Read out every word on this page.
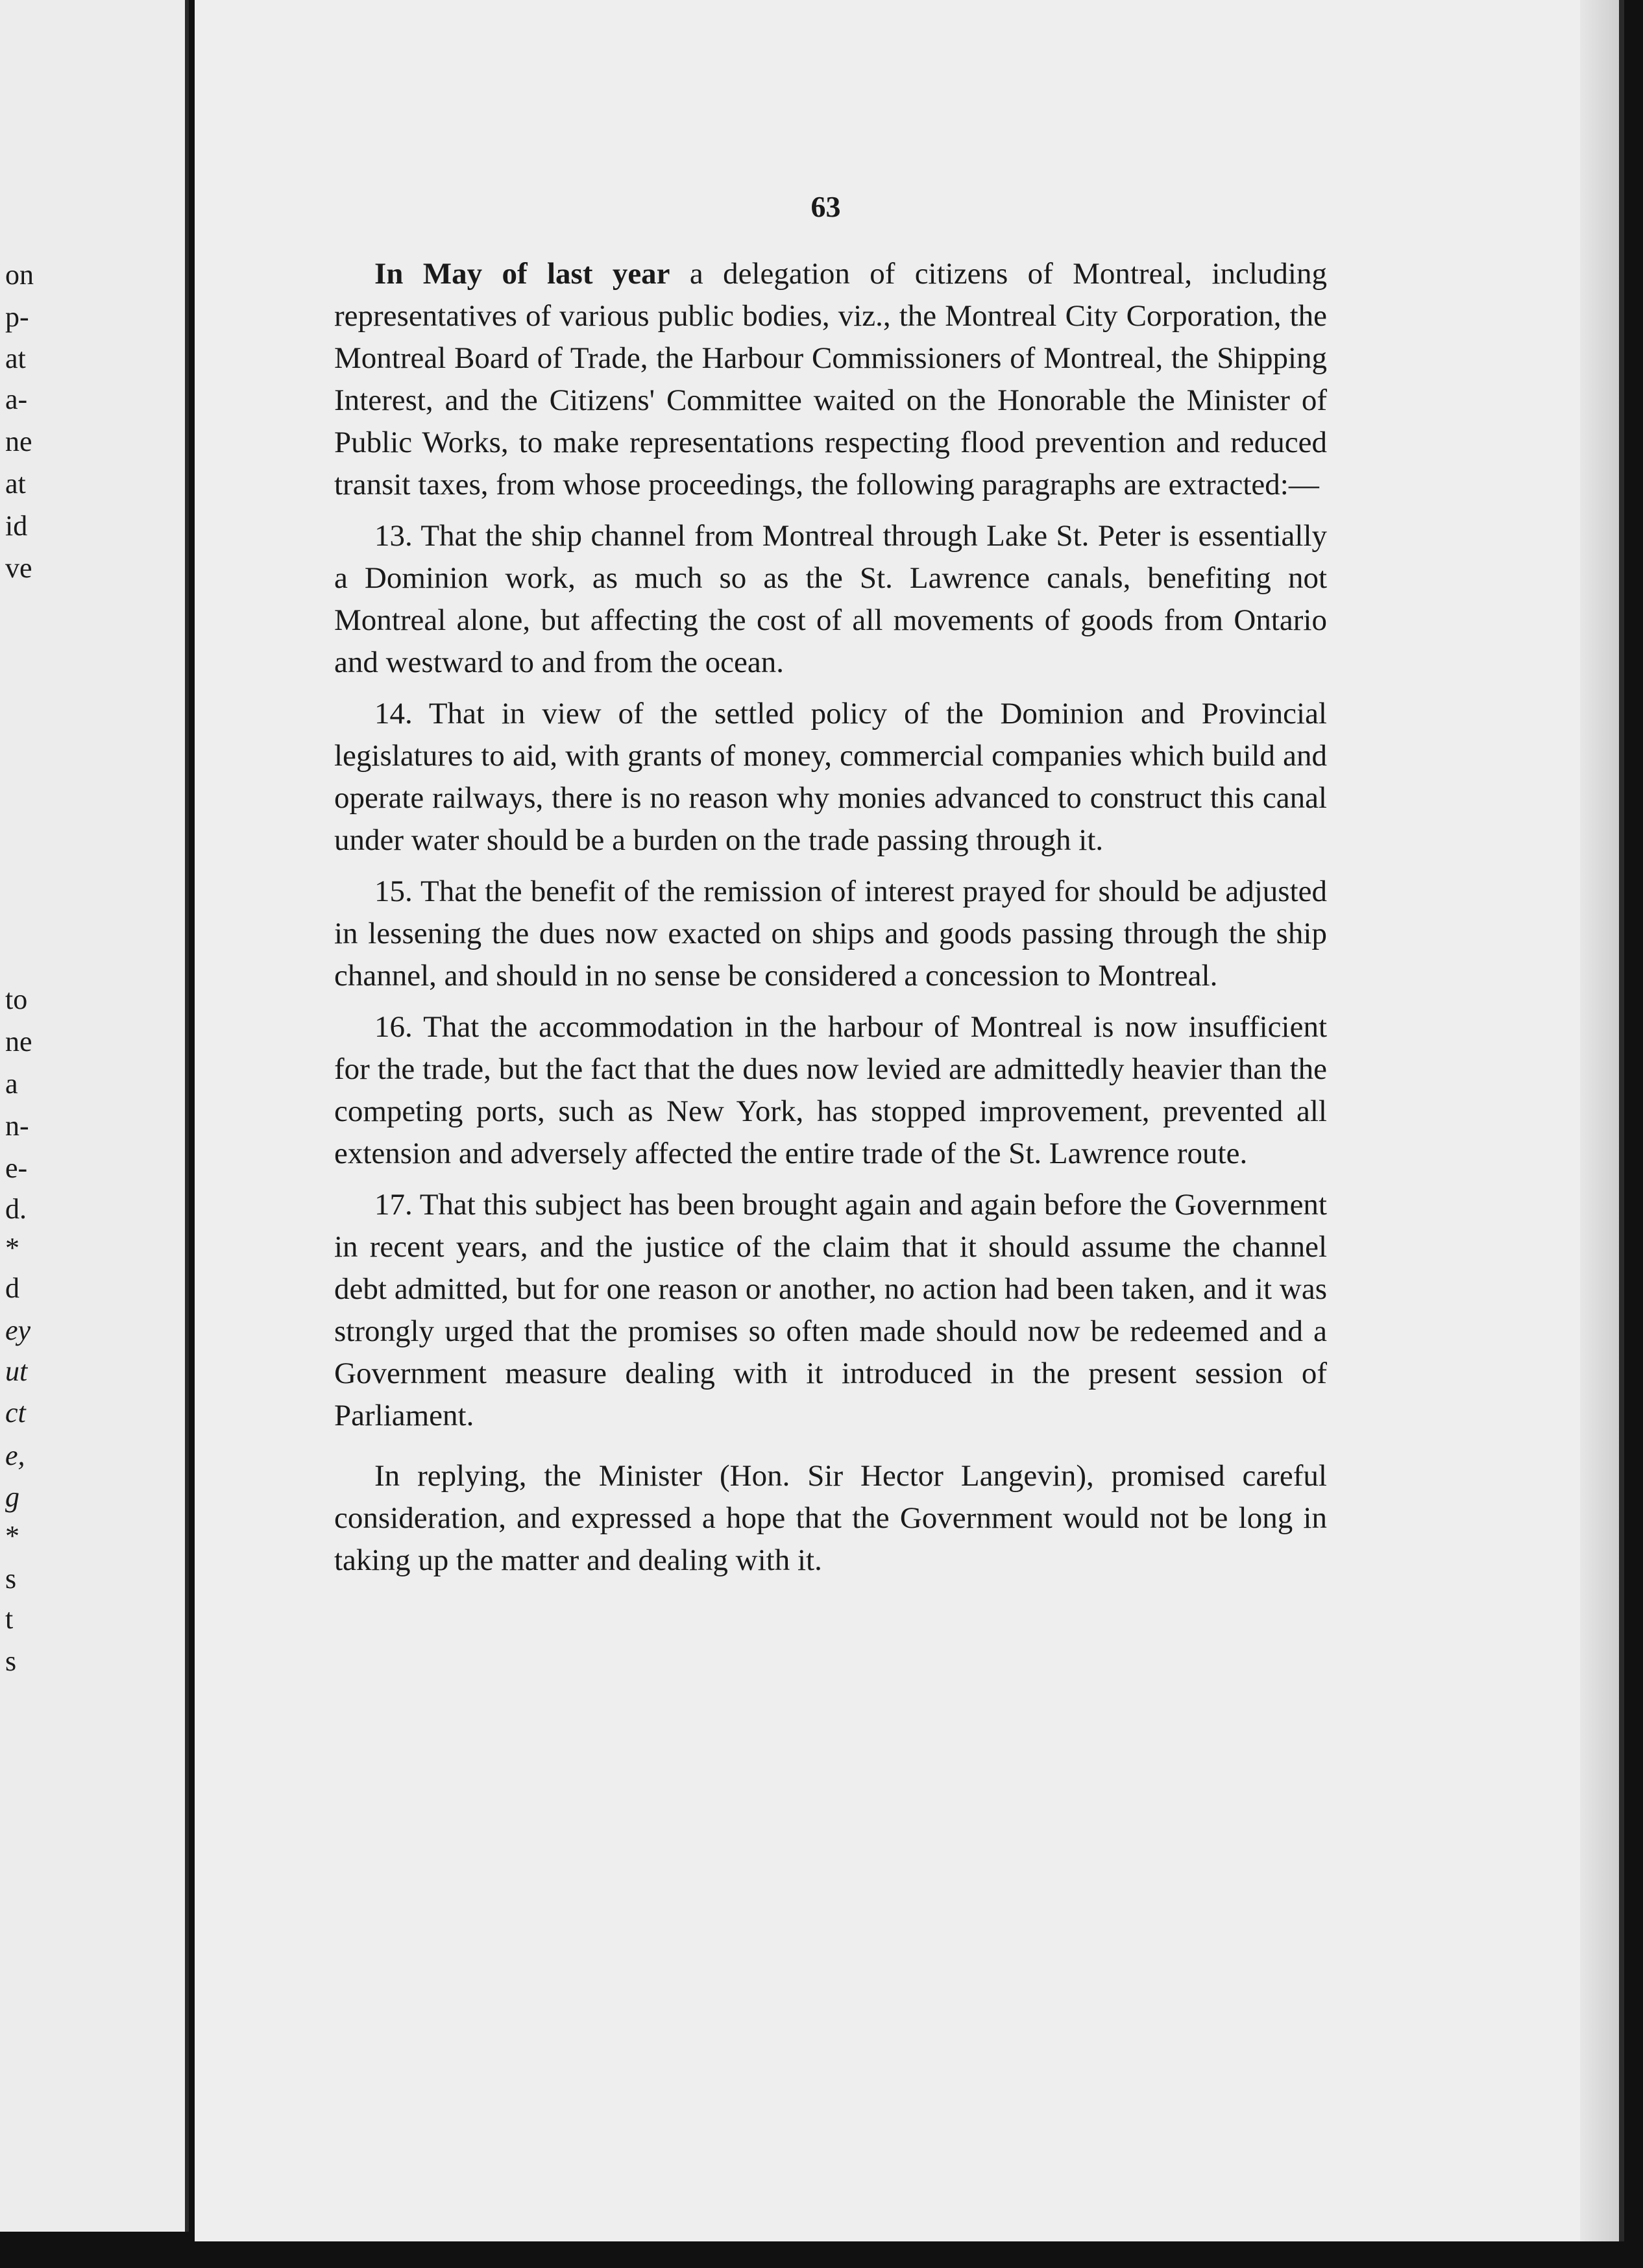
on
p-
at
a-
ne
at
id
ve
to
ne
a
n-
e-
d.
*
d
ey
ut
ct
e,
g
*
s
t
s
63

In May of last year a delegation of citizens of Montreal, including representatives of various public bodies, viz., the Montreal City Corporation, the Montreal Board of Trade, the Harbour Commissioners of Montreal, the Shipping Interest, and the Citizens' Committee waited on the Honorable the Minister of Public Works, to make representations respecting flood prevention and reduced transit taxes, from whose proceedings, the following paragraphs are extracted:—

13. That the ship channel from Montreal through Lake St. Peter is essentially a Dominion work, as much so as the St. Lawrence canals, benefiting not Montreal alone, but affecting the cost of all movements of goods from Ontario and westward to and from the ocean.

14. That in view of the settled policy of the Dominion and Provincial legislatures to aid, with grants of money, commercial companies which build and operate railways, there is no reason why monies advanced to construct this canal under water should be a burden on the trade passing through it.

15. That the benefit of the remission of interest prayed for should be adjusted in lessening the dues now exacted on ships and goods passing through the ship channel, and should in no sense be considered a concession to Montreal.

16. That the accommodation in the harbour of Montreal is now insufficient for the trade, but the fact that the dues now levied are admittedly heavier than the competing ports, such as New York, has stopped improvement, prevented all extension and adversely affected the entire trade of the St. Lawrence route.

17. That this subject has been brought again and again before the Government in recent years, and the justice of the claim that it should assume the channel debt admitted, but for one reason or another, no action had been taken, and it was strongly urged that the promises so often made should now be redeemed and a Government measure dealing with it introduced in the present session of Parliament.

In replying, the Minister (Hon. Sir Hector Langevin), promised careful consideration, and expressed a hope that the Government would not be long in taking up the matter and dealing with it.
